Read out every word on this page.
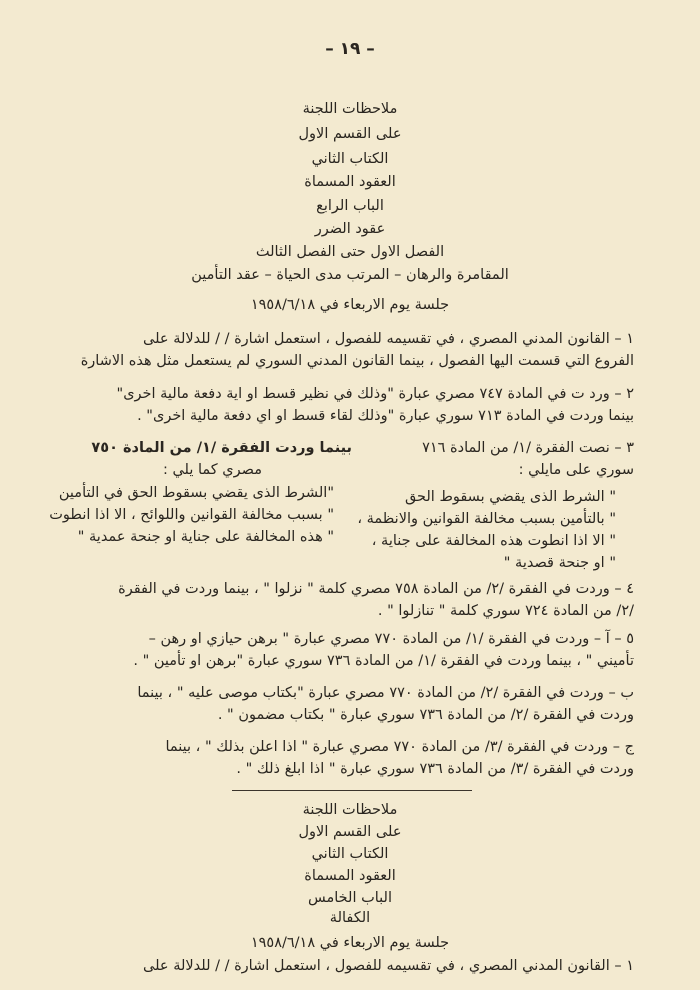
– ١٩ –
ملاحظات اللجنة
على القسم الاول
الكتاب الثاني
العقود المسماة
الباب الرابع
عقود الضرر
الفصل الاول حتى الفصل الثالث
المقامرة والرهان – المرتب مدى الحياة – عقد التأمين
جلسة يوم الاربعاء في ١٩٥٨/٦/١٨
١ – القانون المدني المصري ، في تقسيمه للفصول ، استعمل اشارة / / للدلالة على
الفروع التي قسمت اليها الفصول ، بينما القانون المدني السوري لم يستعمل مثل هذه الاشارة
٢ – ورد ت في المادة ٧٤٧ مصري عبارة "وذلك في نظير قسط او اية دفعة مالية اخرى"
بينما وردت في المادة ٧١٣ سوري عبارة "وذلك لقاء قسط او اي دفعة مالية اخرى" .
٣ – نصت الفقرة /١/ من المادة ٧١٦
سوري على مايلي :
بينما وردت الفقرة /١/ من المادة ٧٥٠
مصري كما يلي :
" الشرط الذى يقضي بسقوط الحق
" بالتأمين بسبب مخالفة القوانين والانظمة ،
" الا اذا انطوت هذه المخالفة على جناية ،
" او جنحة قصدية "
"الشرط الذى يقضي بسقوط الحق في التأمين
" بسبب مخالفة القوانين واللوائح ، الا اذا انطوت
" هذه المخالفة على جناية او جنحة عمدية "
٤ – وردت في الفقرة /٢/ من المادة ٧٥٨ مصري كلمة " نزلوا " ، بينما وردت في الفقرة
/٢/ من المادة ٧٢٤ سوري كلمة " تنازلوا " .
٥ – آ – وردت في الفقرة /١/ من المادة ٧٧٠ مصري عبارة " برهن حيازي او رهن –
تأميني " ، بينما وردت في الفقرة /١/ من المادة ٧٣٦ سوري عبارة "برهن او تأمين " .
ب – وردت في الفقرة /٢/ من المادة ٧٧٠ مصري عبارة "بكتاب موصى عليه " ، بينما
وردت في الفقرة /٢/ من المادة ٧٣٦ سوري عبارة " بكتاب مضمون " .
ج – وردت في الفقرة /٣/ من المادة ٧٧٠ مصري عبارة " اذا اعلن بذلك " ، بينما
وردت في الفقرة /٣/ من المادة ٧٣٦ سوري عبارة " اذا ابلغ ذلك " .
ملاحظات اللجنة
على القسم الاول
الكتاب الثاني
العقود المسماة
الباب الخامس
الكفالة
جلسة يوم الاربعاء في ١٩٥٨/٦/١٨
١ – القانون المدني المصري ، في تقسيمه للفصول ، استعمل اشارة / / للدلالة على
